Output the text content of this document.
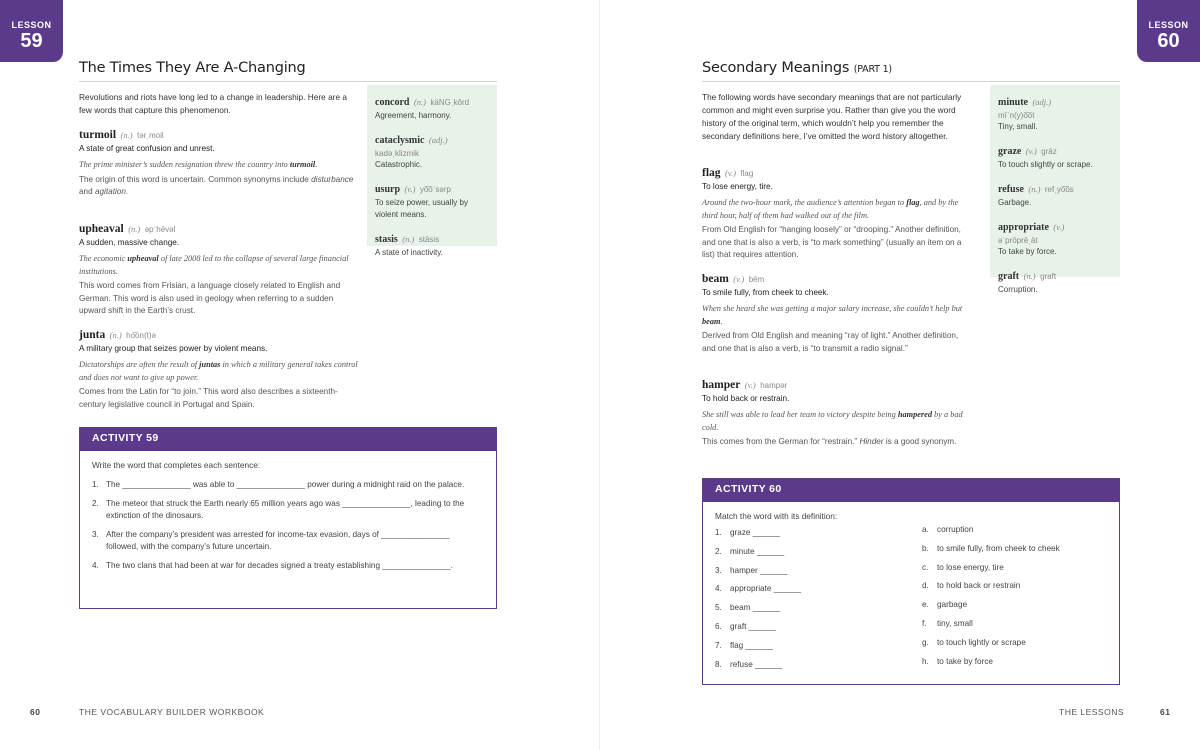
LESSON
59
The Times They Are A-Changing
Revolutions and riots have long led to a change in leadership. Here are a few words that capture this phenomenon.
turmoil (n.) tərˌmoil
A state of great confusion and unrest.
The prime minister’s sudden resignation threw the country into turmoil.
The origin of this word is uncertain. Common synonyms include disturbance and agitation.
upheaval (n.) əpˈhēvəl
A sudden, massive change.
The economic upheaval of late 2008 led to the collapse of several large financial institutions.
This word comes from Frisian, a language closely related to English and German. This word is also used in geology when referring to a sudden upward shift in the Earth’s crust.
junta (n.) ho͝on(t)ə
A military group that seizes power by violent means.
Dictatorships are often the result of juntas in which a military general takes control and does not want to give up power.
Comes from the Latin for “to join.” This word also describes a sixteenth-century legislative council in Portugal and Spain.
concord (n.) käNGˌkôrd
Agreement, harmony.
cataclysmic (adj.)
kadəˌklizmik
Catastrophic.
usurp (v.) yo͞oˈsərp
To seize power, usually by violent means.
stasis (n.) stāsis
A state of inactivity.
ACTIVITY 59
Write the word that completes each sentence:
1. The _______________ was able to _______________ power during a midnight raid on the palace.
2. The meteor that struck the Earth nearly 65 million years ago was _______________, leading to the extinction of the dinosaurs.
3. After the company’s president was arrested for income-tax evasion, days of _______________ followed, with the company’s future uncertain.
4. The two clans that had been at war for decades signed a treaty establishing _______________.
60	THE VOCABULARY BUILDER WORKBOOK
LESSON
60
Secondary Meanings (PART 1)
The following words have secondary meanings that are not particularly common and might even surprise you. Rather than give you the word history of the original term, which wouldn’t help you remember the secondary definitions here, I’ve omitted the word history altogether.
flag (v.) flag
To lose energy, tire.
Around the two-hour mark, the audience’s attention began to flag, and by the third hour, half of them had walked out of the film.
From Old English for “hanging loosely” or “drooping.” Another definition, and one that is also a verb, is “to mark something” (usually an item on a list) that requires attention.
beam (v.) bēm
To smile fully, from cheek to cheek.
When she heard she was getting a major salary increase, she couldn’t help but beam.
Derived from Old English and meaning “ray of light.” Another definition, and one that is also a verb, is “to transmit a radio signal.”
hamper (v.) hampər
To hold back or restrain.
She still was able to lead her team to victory despite being hampered by a bad cold.
This comes from the German for “restrain.” Hinder is a good synonym.
minute (adj.)
mīˈn(y)o͞ot
Tiny, small.
graze (v.) grāz
To touch slightly or scrape.
refuse (n.) refˌyo͞os
Garbage.
appropriate (v.)
əˈprōprēˌāt
To take by force.
graft (n.) graft
Corruption.
ACTIVITY 60
Match the word with its definition:
1. graze ______
2. minute ______
3. hamper ______
4. appropriate ______
5. beam ______
6. graft ______
7. flag ______
8. refuse ______
a. corruption
b. to smile fully, from cheek to cheek
c.	to lose energy, tire
d. to hold back or restrain
e. garbage
f.	tiny, small
g. to touch lightly or scrape
h. to take by force
THE LESSONS	61
